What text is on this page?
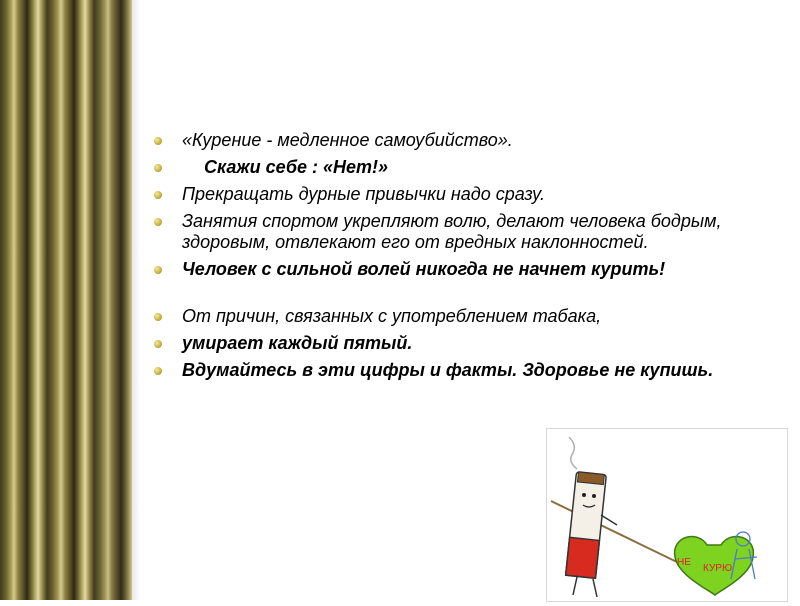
«Курение - медленное самоубийство».
Скажи себе : «Нет!»
Прекращать дурные привычки надо сразу.
Занятия спортом укрепляют волю, делают человека бодрым, здоровым, отвлекают его от вредных наклонностей.
Человек с сильной волей никогда не начнет курить!
От причин, связанных с употреблением табака,
умирает каждый пятый.
Вдумайтесь в эти цифры и факты. Здоровье не купишь.
НЕ
КУРЮ
